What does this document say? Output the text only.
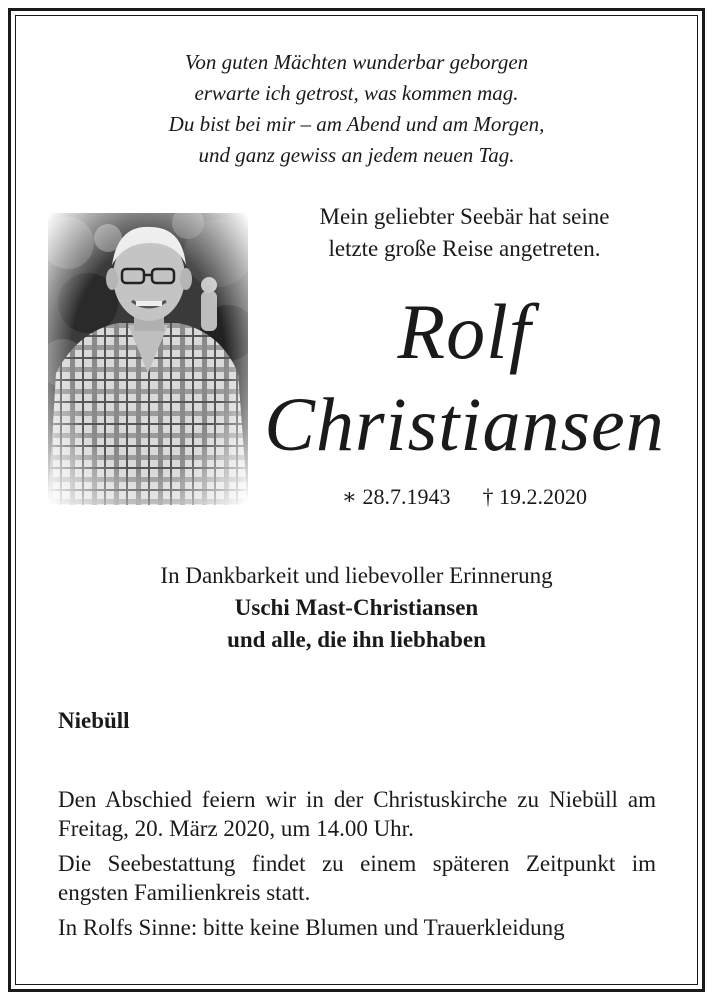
Von guten Mächten wunderbar geborgen
erwarte ich getrost, was kommen mag.
Du bist bei mir – am Abend und am Morgen,
und ganz gewiss an jedem neuen Tag.
Mein geliebter Seebär hat seine
letzte große Reise angetreten.
Rolf
Christiansen
∗ 28.7.1943 † 19.2.2020
In Dankbarkeit und liebevoller Erinnerung
Uschi Mast-Christiansen
und alle, die ihn liebhaben
Niebüll

Den Abschied feiern wir in der Christuskirche zu Niebüll am Freitag, 20. März 2020, um 14.00 Uhr.

Die Seebestattung findet zu einem späteren Zeitpunkt im engsten Familienkreis statt.

In Rolfs Sinne: bitte keine Blumen und Trauerkleidung
